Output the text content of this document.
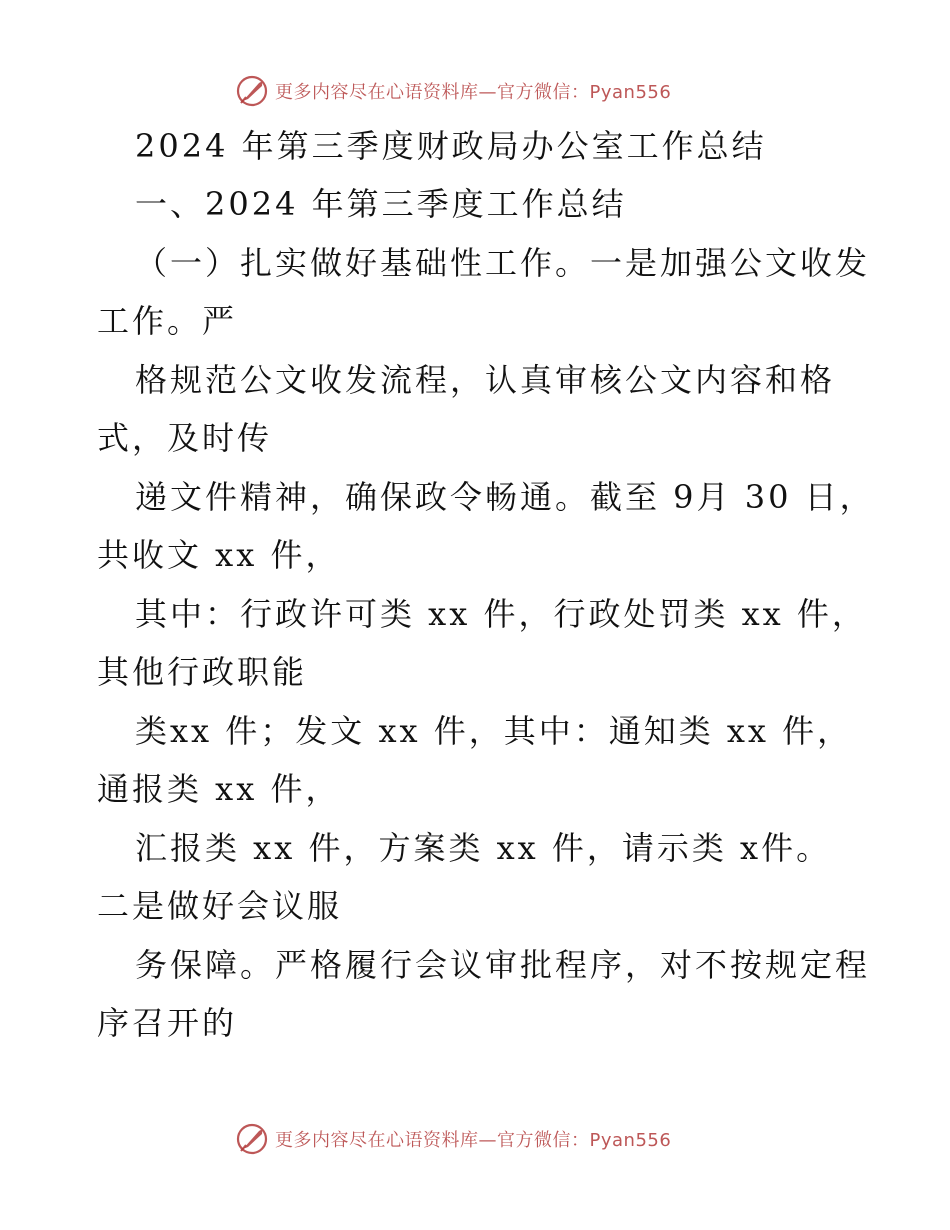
更多内容尽在心语资料库—官方微信：Pyan556
2024 年第三季度财政局办公室工作总结
一、2024 年第三季度工作总结
（一）扎实做好基础性工作。一是加强公文收发
工作。严
格规范公文收发流程，认真审核公文内容和格
式，及时传
递文件精神，确保政令畅通。截至 9月 30 日，
共收文 xx 件，
其中：行政许可类 xx 件，行政处罚类 xx 件，
其他行政职能
类xx 件；发文 xx 件，其中：通知类 xx 件，
通报类 xx 件，
汇报类 xx 件，方案类 xx 件，请示类 x件。
二是做好会议服
务保障。严格履行会议审批程序，对不按规定程
序召开的
更多内容尽在心语资料库—官方微信：Pyan556
